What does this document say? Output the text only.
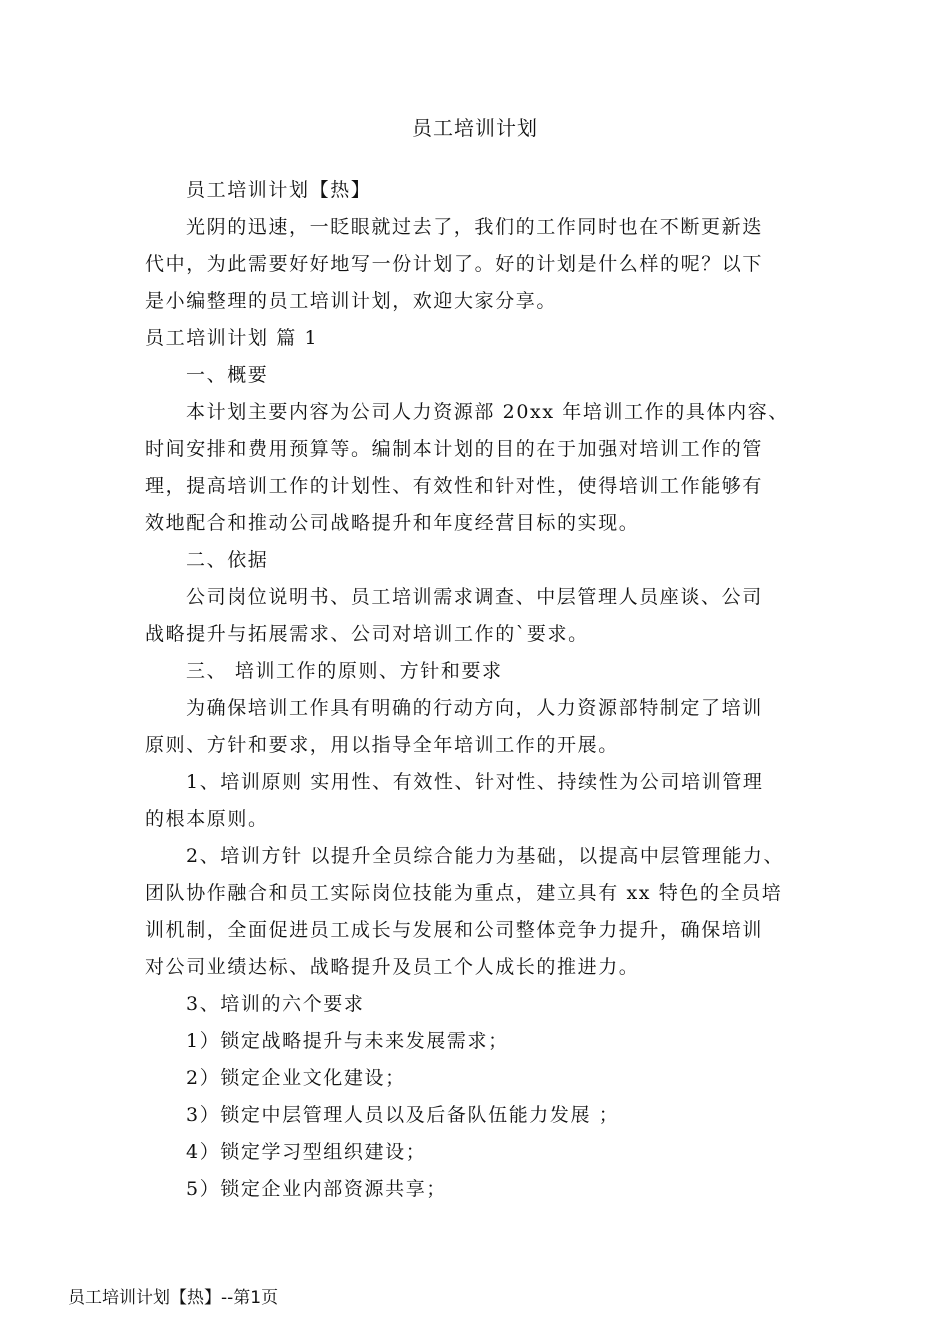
员工培训计划
员工培训计划【热】
光阴的迅速，一眨眼就过去了，我们的工作同时也在不断更新迭
代中，为此需要好好地写一份计划了。好的计划是什么样的呢？以下
是小编整理的员工培训计划，欢迎大家分享。
员工培训计划 篇 1
一、概要
本计划主要内容为公司人力资源部 20xx 年培训工作的具体内容、
时间安排和费用预算等。编制本计划的目的在于加强对培训工作的管
理，提高培训工作的计划性、有效性和针对性，使得培训工作能够有
效地配合和推动公司战略提升和年度经营目标的实现。
二、依据
公司岗位说明书、员工培训需求调查、中层管理人员座谈、公司
战略提升与拓展需求、公司对培训工作的`要求。
三、 培训工作的原则、方针和要求
为确保培训工作具有明确的行动方向，人力资源部特制定了培训
原则、方针和要求，用以指导全年培训工作的开展。
1、培训原则 实用性、有效性、针对性、持续性为公司培训管理
的根本原则。
2、培训方针 以提升全员综合能力为基础，以提高中层管理能力、
团队协作融合和员工实际岗位技能为重点，建立具有 xx 特色的全员培
训机制，全面促进员工成长与发展和公司整体竞争力提升，确保培训
对公司业绩达标、战略提升及员工个人成长的推进力。
3、培训的六个要求
1）锁定战略提升与未来发展需求；
2）锁定企业文化建设；
3）锁定中层管理人员以及后备队伍能力发展 ；
4）锁定学习型组织建设；
5）锁定企业内部资源共享；
员工培训计划【热】--第1页
